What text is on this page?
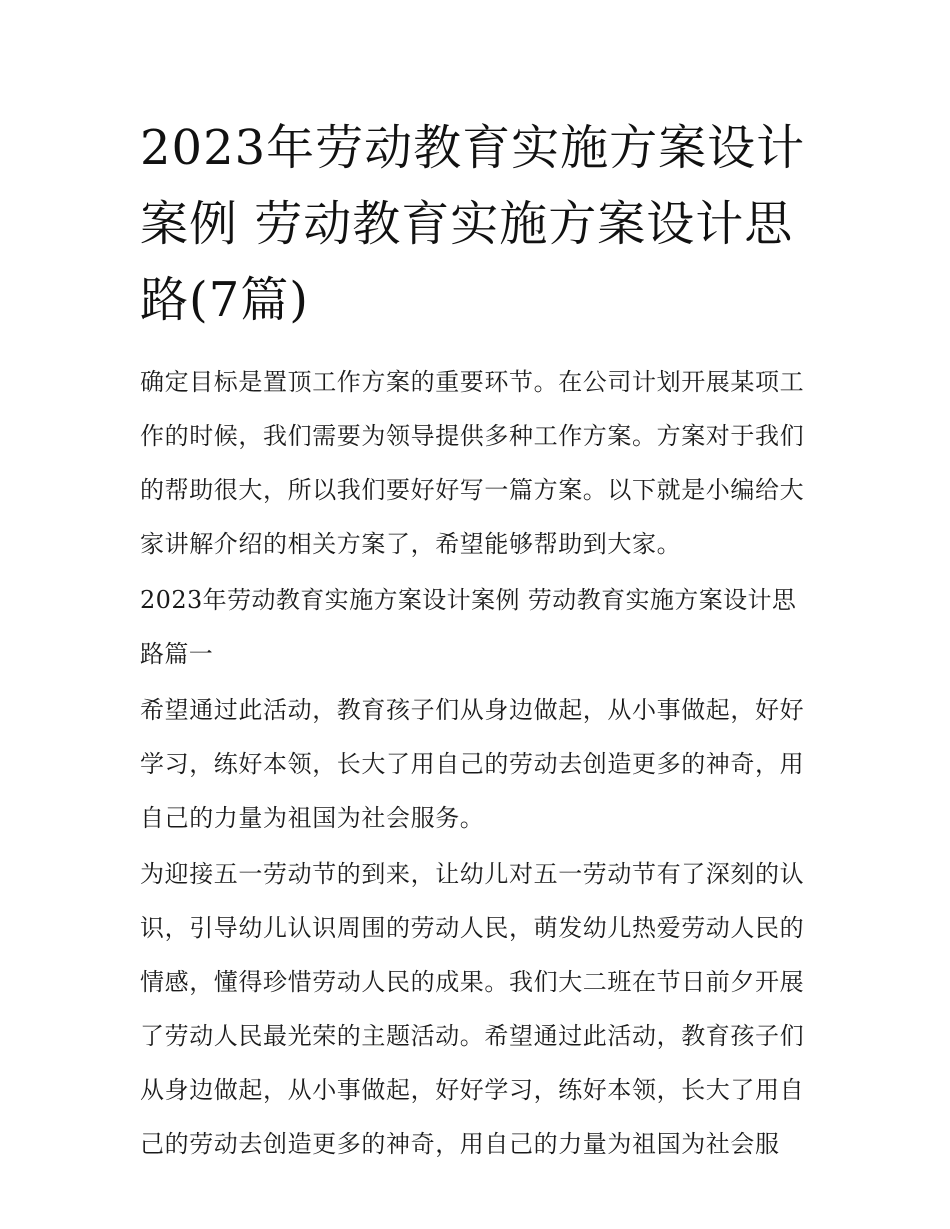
2023年劳动教育实施方案设计案例 劳动教育实施方案设计思路(7篇)

确定目标是置顶工作方案的重要环节。在公司计划开展某项工作的时候，我们需要为领导提供多种工作方案。方案对于我们的帮助很大，所以我们要好好写一篇方案。以下就是小编给大家讲解介绍的相关方案了，希望能够帮助到大家。

2023年劳动教育实施方案设计案例 劳动教育实施方案设计思路篇一

希望通过此活动，教育孩子们从身边做起，从小事做起，好好学习，练好本领，长大了用自己的劳动去创造更多的神奇，用自己的力量为祖国为社会服务。

为迎接五一劳动节的到来，让幼儿对五一劳动节有了深刻的认识，引导幼儿认识周围的劳动人民，萌发幼儿热爱劳动人民的情感，懂得珍惜劳动人民的成果。我们大二班在节日前夕开展了劳动人民最光荣的主题活动。希望通过此活动，教育孩子们从身边做起，从小事做起，好好学习，练好本领，长大了用自己的劳动去创造更多的神奇，用自己的力量为祖国为社会服
